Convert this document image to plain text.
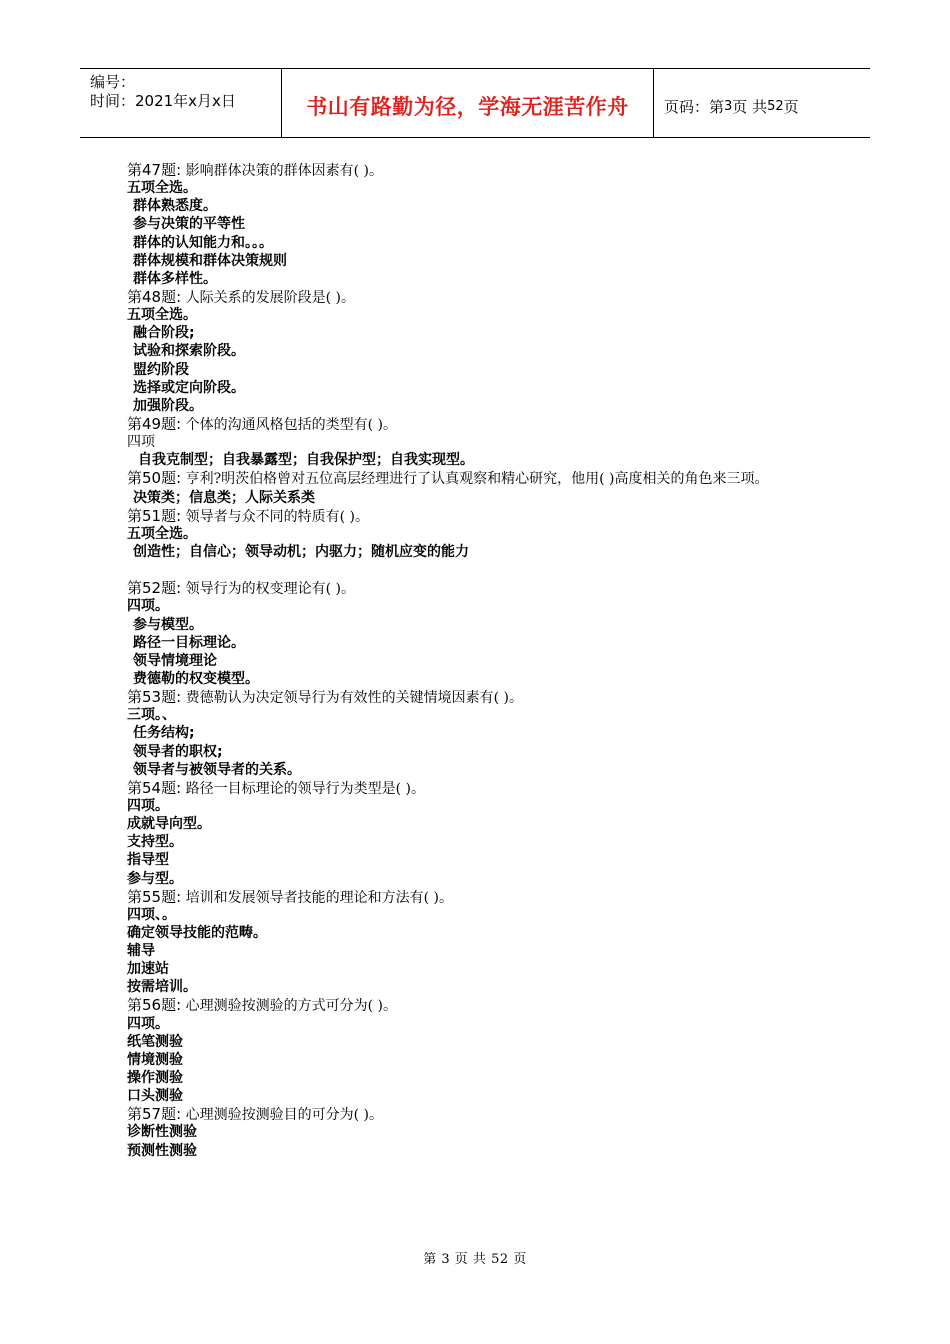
编号：
时间：2021年x月x日	书山有路勤为径，学海无涯苦作舟	页码：第 3 页 共 52 页
第47题: 影响群体决策的群体因素有( )。
五项全选。
群体熟悉度。
参与决策的平等性
群体的认知能力和。。。
群体规模和群体决策规则
群体多样性。
第48题: 人际关系的发展阶段是( )。
五项全选。
融合阶段;
试验和探索阶段。
盟约阶段
选择或定向阶段。
加强阶段。
第49题: 个体的沟通风格包括的类型有( )。
四项
自我克制型；自我暴露型；自我保护型；自我实现型。
第50题: 亨利?明茨伯格曾对五位高层经理进行了认真观察和精心研究，他用( )高度相关的角色来三项。
决策类；信息类；人际关系类
第51题: 领导者与众不同的特质有( )。
五项全选。
创造性；自信心；领导动机；内驱力；随机应变的能力
第52题: 领导行为的权变理论有( )。
四项。
参与模型。
路径一目标理论。
领导情境理论
费德勒的权变模型。
第53题: 费德勒认为决定领导行为有效性的关键情境因素有( )。
三项。、
任务结构;
领导者的职权;
领导者与被领导者的关系。
第54题: 路径一目标理论的领导行为类型是( )。
四项。
成就导向型。
支持型。
指导型
参与型。
第55题: 培训和发展领导者技能的理论和方法有( )。
四项、。
确定领导技能的范畴。
辅导
加速站
按需培训。
第56题: 心理测验按测验的方式可分为( )。
四项。
纸笔测验
情境测验
操作测验
口头测验
第57题: 心理测验按测验目的可分为( )。
诊断性测验
预测性测验
第 3 页 共 52 页
